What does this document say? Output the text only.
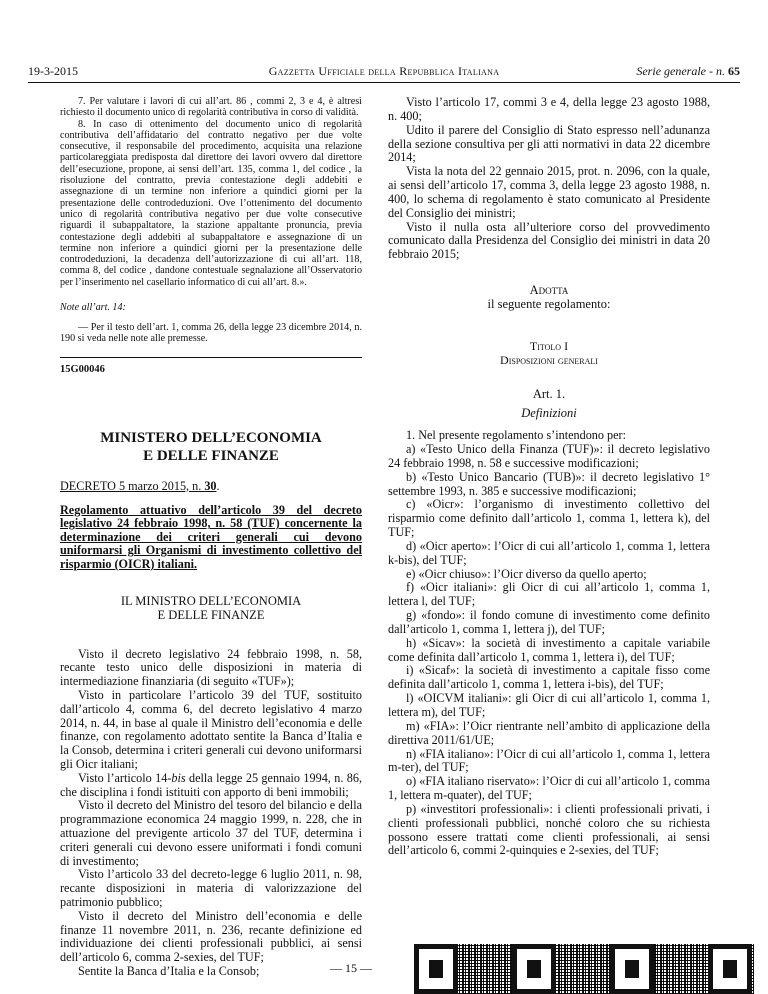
19-3-2015	Gazzetta Ufficiale della Repubblica Italiana	Serie generale - n. 65

7. Per valutare i lavori di cui all’art. 86 , commi 2, 3 e 4, è altresì richiesto il documento unico di regolarità contributiva in corso di validità.

8. In caso di ottenimento del documento unico di regolarità contributiva dell’affidatario del contratto negativo per due volte consecutive, il responsabile del procedimento, acquisita una relazione particolareggiata predisposta dal direttore dei lavori ovvero dal direttore dell’esecuzione, propone, ai sensi dell’art. 135, comma 1, del codice , la risoluzione del contratto, previa contestazione degli addebiti e assegnazione di un termine non inferiore a quindici giorni per la presentazione delle controdeduzioni. Ove l’ottenimento del documento unico di regolarità contributiva negativo per due volte consecutive riguardi il subappaltatore, la stazione appaltante pronuncia, previa contestazione degli addebiti al subappaltatore e assegnazione di un termine non inferiore a quindici giorni per la presentazione delle controdeduzioni, la decadenza dell’autorizzazione di cui all’art. 118, comma 8, del codice , dandone contestuale segnalazione all’Osservatorio per l’inserimento nel casellario informatico di cui all’art. 8.».

Note all’art. 14:
— Per il testo dell’art. 1, comma 26, della legge 23 dicembre 2014, n. 190 si veda nelle note alle premesse.
15G00046
MINISTERO DELL’ECONOMIA
E DELLE FINANZE
DECRETO 5 marzo 2015, n. 30.
Regolamento attuativo dell’articolo 39 del decreto legislativo 24 febbraio 1998, n. 58 (TUF) concernente la determinazione dei criteri generali cui devono uniformarsi gli Organismi di investimento collettivo del risparmio (OICR) italiani.
IL MINISTRO DELL’ECONOMIA
E DELLE FINANZE

Visto il decreto legislativo 24 febbraio 1998, n. 58, recante testo unico delle disposizioni in materia di intermediazione finanziaria (di seguito «TUF»);

Visto in particolare l’articolo 39 del TUF, sostituito dall’articolo 4, comma 6, del decreto legislativo 4 marzo 2014, n. 44, in base al quale il Ministro dell’economia e delle finanze, con regolamento adottato sentite la Banca d’Italia e la Consob, determina i criteri generali cui devono uniformarsi gli Oicr italiani;

Visto l’articolo 14-bis della legge 25 gennaio 1994, n. 86, che disciplina i fondi istituiti con apporto di beni immobili;

Visto il decreto del Ministro del tesoro del bilancio e della programmazione economica 24 maggio 1999, n. 228, che in attuazione del previgente articolo 37 del TUF, determina i criteri generali cui devono essere uniformati i fondi comuni di investimento;

Visto l’articolo 33 del decreto-legge 6 luglio 2011, n. 98, recante disposizioni in materia di valorizzazione del patrimonio pubblico;

Visto il decreto del Ministro dell’economia e delle finanze 11 novembre 2011, n. 236, recante definizione ed individuazione dei clienti professionali pubblici, ai sensi dell’articolo 6, comma 2-sexies, del TUF;

Sentite la Banca d’Italia e la Consob;

Visto l’articolo 17, commi 3 e 4, della legge 23 agosto 1988, n. 400;

Udito il parere del Consiglio di Stato espresso nell’adunanza della sezione consultiva per gli atti normativi in data 22 dicembre 2014;

Vista la nota del 22 gennaio 2015, prot. n. 2096, con la quale, ai sensi dell’articolo 17, comma 3, della legge 23 agosto 1988, n. 400, lo schema di regolamento è stato comunicato al Presidente del Consiglio dei ministri;

Visto il nulla osta all’ulteriore corso del provvedimento comunicato dalla Presidenza del Consiglio dei ministri in data 20 febbraio 2015;

Adotta
il seguente regolamento:
Titolo I
Disposizioni generali
Art. 1.
Definizioni

1. Nel presente regolamento s’intendono per:

a) «Testo Unico della Finanza (TUF)»: il decreto legislativo 24 febbraio 1998, n. 58 e successive modificazioni;

b) «Testo Unico Bancario (TUB)»: il decreto legislativo 1° settembre 1993, n. 385 e successive modificazioni;

c) «Oicr»: l’organismo di investimento collettivo del risparmio come definito dall’articolo 1, comma 1, lettera k), del TUF;

d) «Oicr aperto»: l’Oicr di cui all’articolo 1, comma 1, lettera k-bis), del TUF;

e) «Oicr chiuso»: l’Oicr diverso da quello aperto;

f) «Oicr italiani»: gli Oicr di cui all’articolo 1, comma 1, lettera l, del TUF;

g) «fondo»: il fondo comune di investimento come definito dall’articolo 1, comma 1, lettera j), del TUF;

h) «Sicav»: la società di investimento a capitale variabile come definita dall’articolo 1, comma 1, lettera i), del TUF;

i) «Sicaf»: la società di investimento a capitale fisso come definita dall’articolo 1, comma 1, lettera i-bis), del TUF;

l) «OICVM italiani»: gli Oicr di cui all’articolo 1, comma 1, lettera m), del TUF;

m) «FIA»: l’Oicr rientrante nell’ambito di applicazione della direttiva 2011/61/UE;

n) «FIA italiano»: l’Oicr di cui all’articolo 1, comma 1, lettera m-ter), del TUF;

o) «FIA italiano riservato»: l’Oicr di cui all’articolo 1, comma 1, lettera m-quater), del TUF;

p) «investitori professionali»: i clienti professionali privati, i clienti professionali pubblici, nonché coloro che su richiesta possono essere trattati come clienti professionali, ai sensi dell’articolo 6, commi 2-quinquies e 2-sexies, del TUF;

— 15 —
